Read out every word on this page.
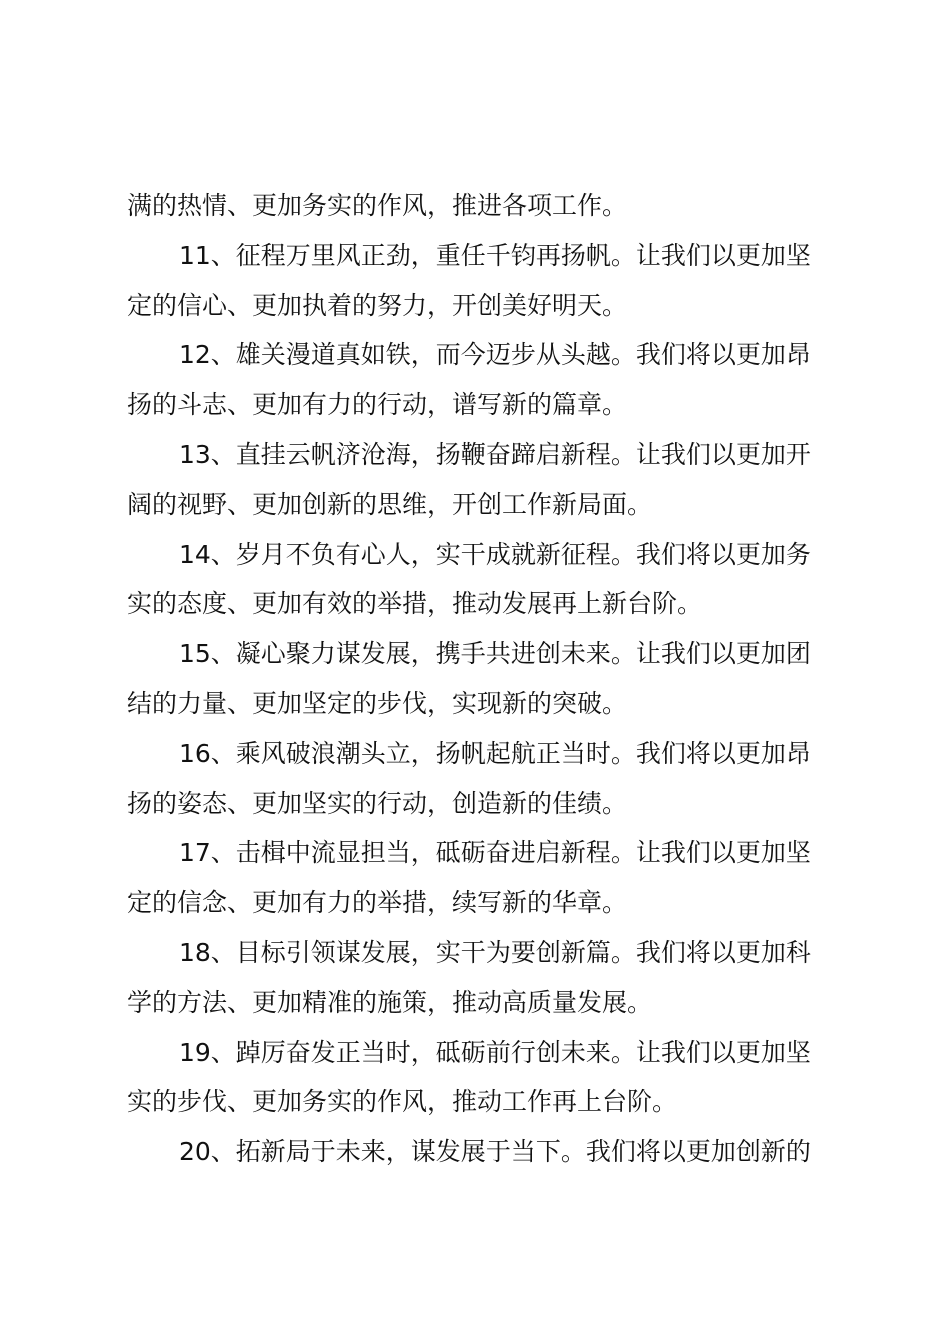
满的热情、更加务实的作风，推进各项工作。
11、征程万里风正劲，重任千钧再扬帆。让我们以更加坚
定的信心、更加执着的努力，开创美好明天。
12、雄关漫道真如铁，而今迈步从头越。我们将以更加昂
扬的斗志、更加有力的行动，谱写新的篇章。
13、直挂云帆济沧海，扬鞭奋蹄启新程。让我们以更加开
阔的视野、更加创新的思维，开创工作新局面。
14、岁月不负有心人，实干成就新征程。我们将以更加务
实的态度、更加有效的举措，推动发展再上新台阶。
15、凝心聚力谋发展，携手共进创未来。让我们以更加团
结的力量、更加坚定的步伐，实现新的突破。
16、乘风破浪潮头立，扬帆起航正当时。我们将以更加昂
扬的姿态、更加坚实的行动，创造新的佳绩。
17、击楫中流显担当，砥砺奋进启新程。让我们以更加坚
定的信念、更加有力的举措，续写新的华章。
18、目标引领谋发展，实干为要创新篇。我们将以更加科
学的方法、更加精准的施策，推动高质量发展。
19、踔厉奋发正当时，砥砺前行创未来。让我们以更加坚
实的步伐、更加务实的作风，推动工作再上台阶。
20、拓新局于未来，谋发展于当下。我们将以更加创新的
